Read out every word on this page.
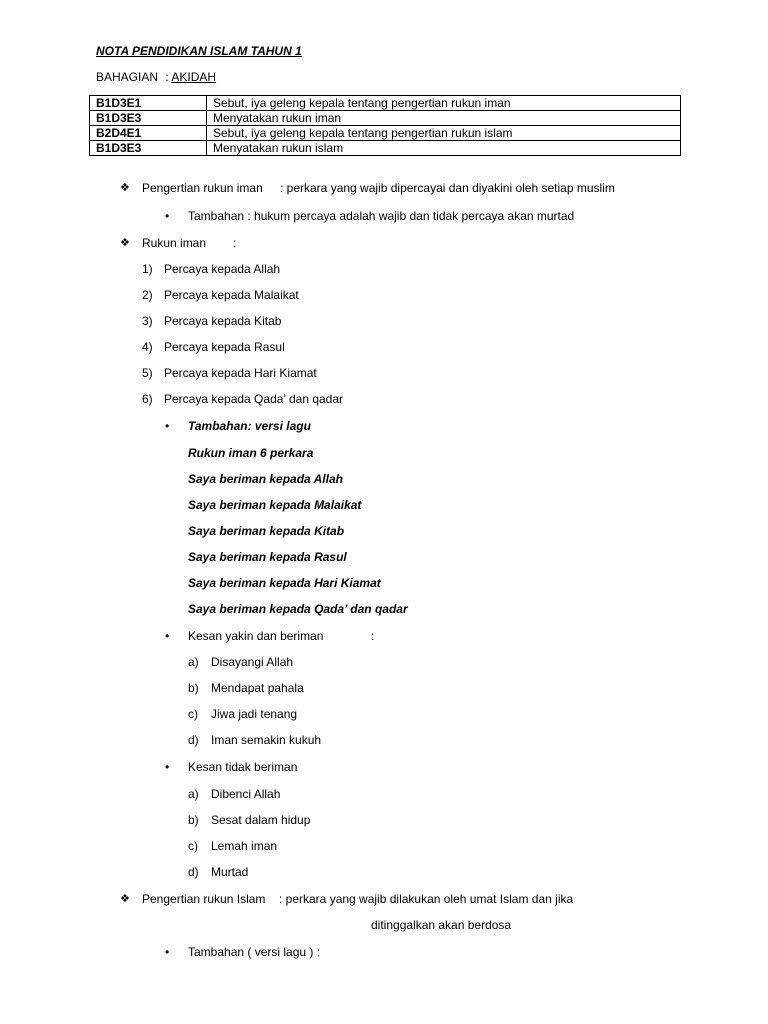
NOTA PENDIDIKAN ISLAM TAHUN 1
BAHAGIAN : AKIDAH
B1D3E1	Sebut, iya geleng kepala tentang pengertian rukun iman
B1D3E3	Menyatakan rukun iman
B2D4E1	Sebut, iya geleng kepala tentang pengertian rukun islam
B1D3E3	Menyatakan rukun islam
❖ Pengertian rukun iman : perkara yang wajib dipercayai dan diyakini oleh setiap muslim
• Tambahan : hukum percaya adalah wajib dan tidak percaya akan murtad
❖ Rukun iman :
1) Percaya kepada Allah
2) Percaya kepada Malaikat
3) Percaya kepada Kitab
4) Percaya kepada Rasul
5) Percaya kepada Hari Kiamat
6) Percaya kepada Qada’ dan qadar
• Tambahan: versi lagu
Rukun iman 6 perkara
Saya beriman kepada Allah
Saya beriman kepada Malaikat
Saya beriman kepada Kitab
Saya beriman kepada Rasul
Saya beriman kepada Hari Kiamat
Saya beriman kepada Qada’ dan qadar
• Kesan yakin dan beriman	:
a) Disayangi Allah
b) Mendapat pahala
c) Jiwa jadi tenang
d) Iman semakin kukuh
• Kesan tidak beriman
a) Dibenci Allah
b) Sesat dalam hidup
c) Lemah iman
d) Murtad
❖ Pengertian rukun Islam : perkara yang wajib dilakukan oleh umat Islam dan jika
ditinggalkan akan berdosa
• Tambahan ( versi lagu ) :
